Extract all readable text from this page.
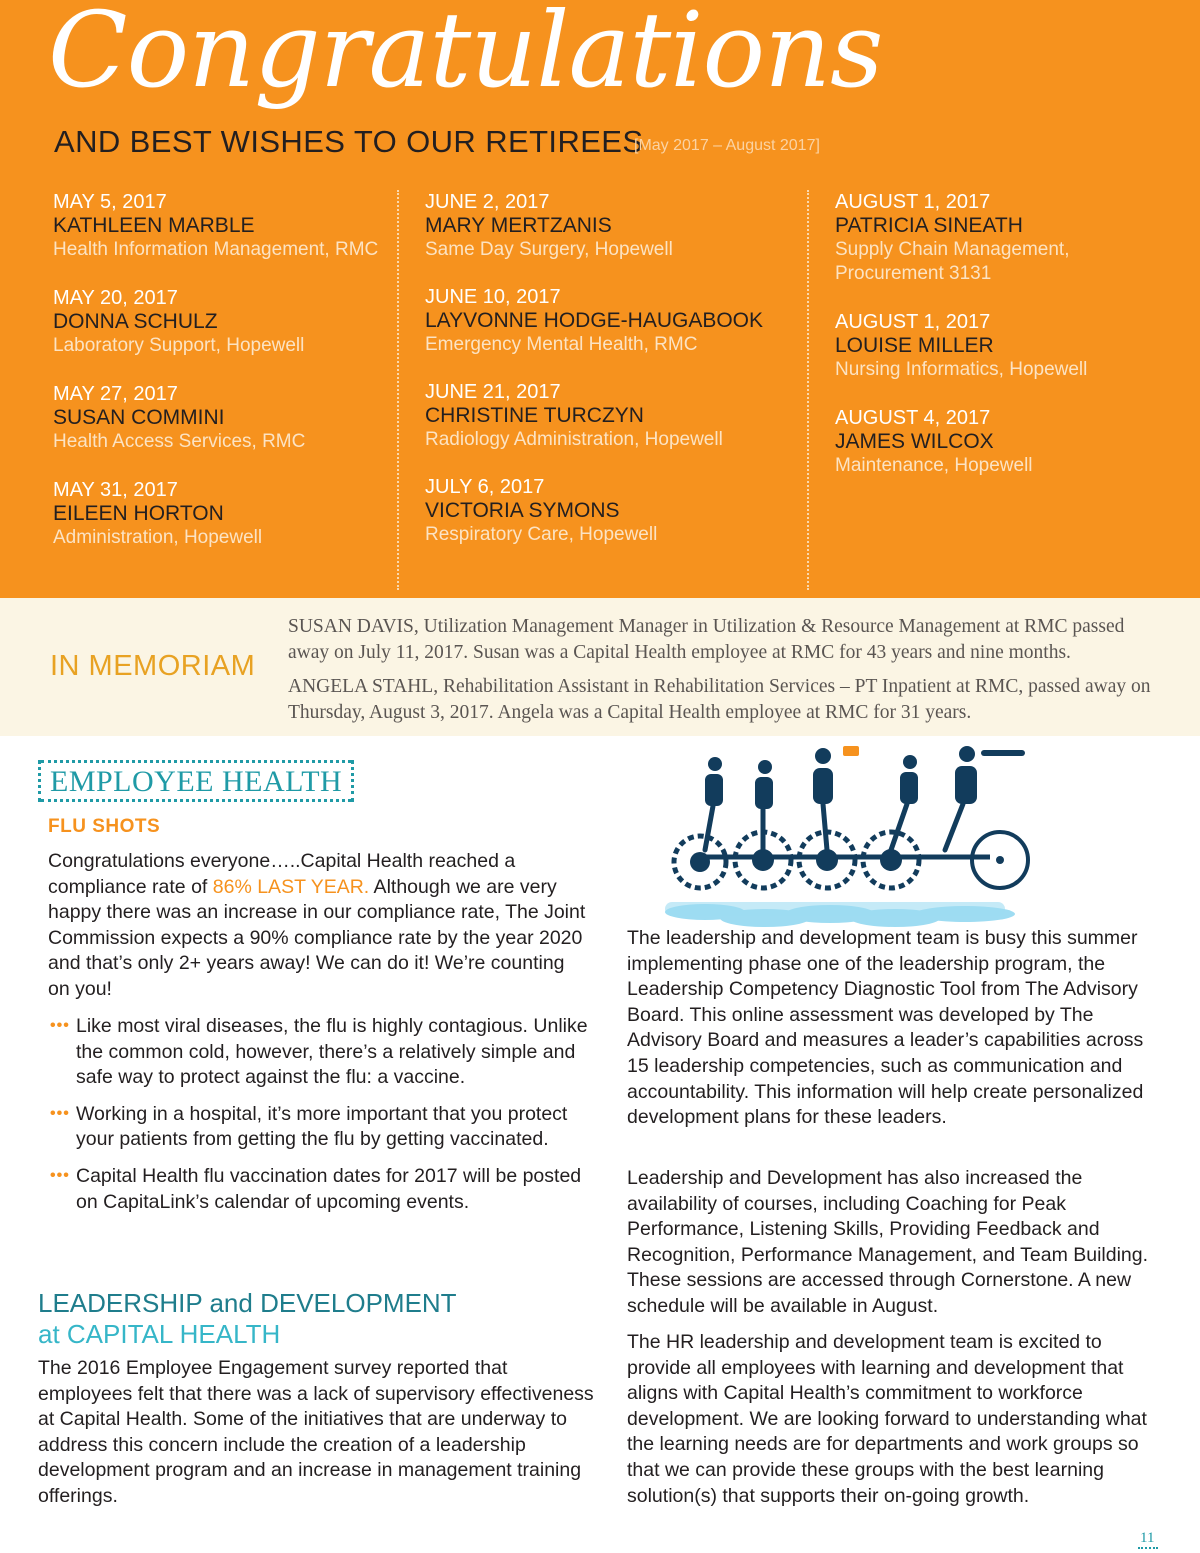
Congratulations
AND BEST WISHES TO OUR RETIREES
[May 2017 – August 2017]
MAY 5, 2017
KATHLEEN MARBLE
Health Information Management, RMC
MAY 20, 2017
DONNA SCHULZ
Laboratory Support, Hopewell
MAY 27, 2017
SUSAN COMMINI
Health Access Services, RMC
MAY 31, 2017
EILEEN HORTON
Administration, Hopewell
JUNE 2, 2017
MARY MERTZANIS
Same Day Surgery, Hopewell
JUNE 10, 2017
LAYVONNE HODGE-HAUGABOOK
Emergency Mental Health, RMC
JUNE 21, 2017
CHRISTINE TURCZYN
Radiology Administration, Hopewell
JULY 6, 2017
VICTORIA SYMONS
Respiratory Care, Hopewell
AUGUST 1, 2017
PATRICIA SINEATH
Supply Chain Management, Procurement 3131
AUGUST 1, 2017
LOUISE MILLER
Nursing Informatics, Hopewell
AUGUST 4, 2017
JAMES WILCOX
Maintenance, Hopewell
IN MEMORIAM
SUSAN DAVIS, Utilization Management Manager in Utilization & Resource Management at RMC passed away on July 11, 2017. Susan was a Capital Health employee at RMC for 43 years and nine months.
ANGELA STAHL, Rehabilitation Assistant in Rehabilitation Services – PT Inpatient at RMC, passed away on Thursday, August 3, 2017. Angela was a Capital Health employee at RMC for 31 years.
EMPLOYEE HEALTH
FLU SHOTS

Congratulations everyone…..Capital Health reached a compliance rate of 86% LAST YEAR. Although we are very happy there was an increase in our compliance rate, The Joint Commission expects a 90% compliance rate by the year 2020 and that’s only 2+ years away! We can do it! We’re counting on you!

••• Like most viral diseases, the flu is highly contagious. Unlike the common cold, however, there’s a relatively simple and safe way to protect against the flu: a vaccine.
••• Working in a hospital, it’s more important that you protect your patients from getting the flu by getting vaccinated.
••• Capital Health flu vaccination dates for 2017 will be posted on CapitaLink’s calendar of upcoming events.
LEADERSHIP and DEVELOPMENT
at CAPITAL HEALTH

The 2016 Employee Engagement survey reported that employees felt that there was a lack of supervisory effectiveness at Capital Health. Some of the initiatives that are underway to address this concern include the creation of a leadership development program and an increase in management training offerings.

The leadership and development team is busy this summer implementing phase one of the leadership program, the Leadership Competency Diagnostic Tool from The Advisory Board. This online assessment was developed by The Advisory Board and measures a leader’s capabilities across 15 leadership competencies, such as communication and accountability. This information will help create personalized development plans for these leaders.

Leadership and Development has also increased the availability of courses, including Coaching for Peak Performance, Listening Skills, Providing Feedback and Recognition, Performance Management, and Team Building. These sessions are accessed through Cornerstone. A new schedule will be available in August.

The HR leadership and development team is excited to provide all employees with learning and development that aligns with Capital Health’s commitment to workforce development. We are looking forward to understanding what the learning needs are for departments and work groups so that we can provide these groups with the best learning solution(s) that supports their on-going growth.

11
